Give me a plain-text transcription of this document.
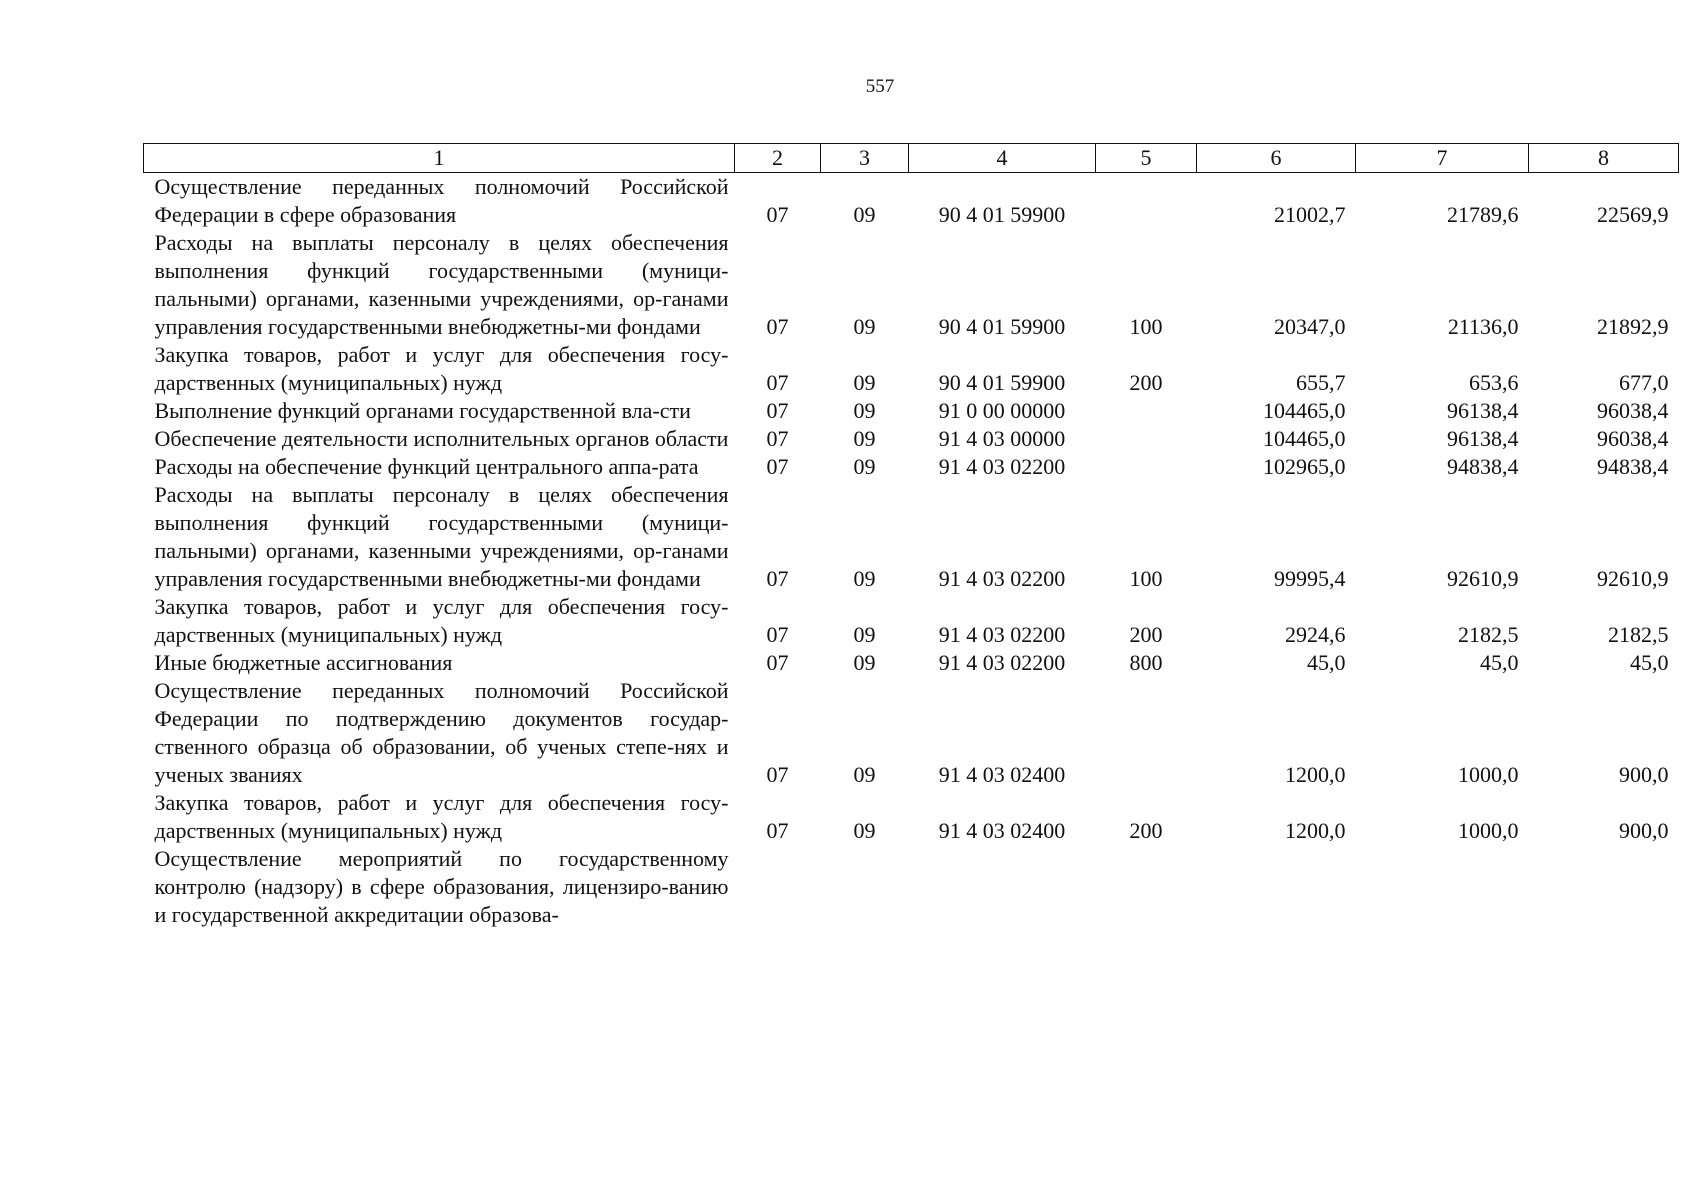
557
1	2	3	4	5	6	7	8
Осуществление переданных полномочий Российской Федерации в сфере образования	07	09	90 4 01 59900		21002,7	21789,6	22569,9
Расходы на выплаты персоналу в целях обеспечения выполнения функций государственными (муници-пальными) органами, казенными учреждениями, ор-ганами управления государственными внебюджетны-ми фондами	07	09	90 4 01 59900	100	20347,0	21136,0	21892,9
Закупка товаров, работ и услуг для обеспечения госу-дарственных (муниципальных) нужд	07	09	90 4 01 59900	200	655,7	653,6	677,0
Выполнение функций органами государственной вла-сти	07	09	91 0 00 00000		104465,0	96138,4	96038,4
Обеспечение деятельности исполнительных органов области	07	09	91 4 03 00000		104465,0	96138,4	96038,4
Расходы на обеспечение функций центрального аппа-рата	07	09	91 4 03 02200		102965,0	94838,4	94838,4
Расходы на выплаты персоналу в целях обеспечения выполнения функций государственными (муници-пальными) органами, казенными учреждениями, ор-ганами управления государственными внебюджетны-ми фондами	07	09	91 4 03 02200	100	99995,4	92610,9	92610,9
Закупка товаров, работ и услуг для обеспечения госу-дарственных (муниципальных) нужд	07	09	91 4 03 02200	200	2924,6	2182,5	2182,5
Иные бюджетные ассигнования	07	09	91 4 03 02200	800	45,0	45,0	45,0
Осуществление переданных полномочий Российской Федерации по подтверждению документов государ-ственного образца об образовании, об ученых степе-нях и ученых званиях	07	09	91 4 03 02400		1200,0	1000,0	900,0
Закупка товаров, работ и услуг для обеспечения госу-дарственных (муниципальных) нужд	07	09	91 4 03 02400	200	1200,0	1000,0	900,0
Осуществление мероприятий по государственному контролю (надзору) в сфере образования, лицензиро-ванию и государственной аккредитации образова-							
